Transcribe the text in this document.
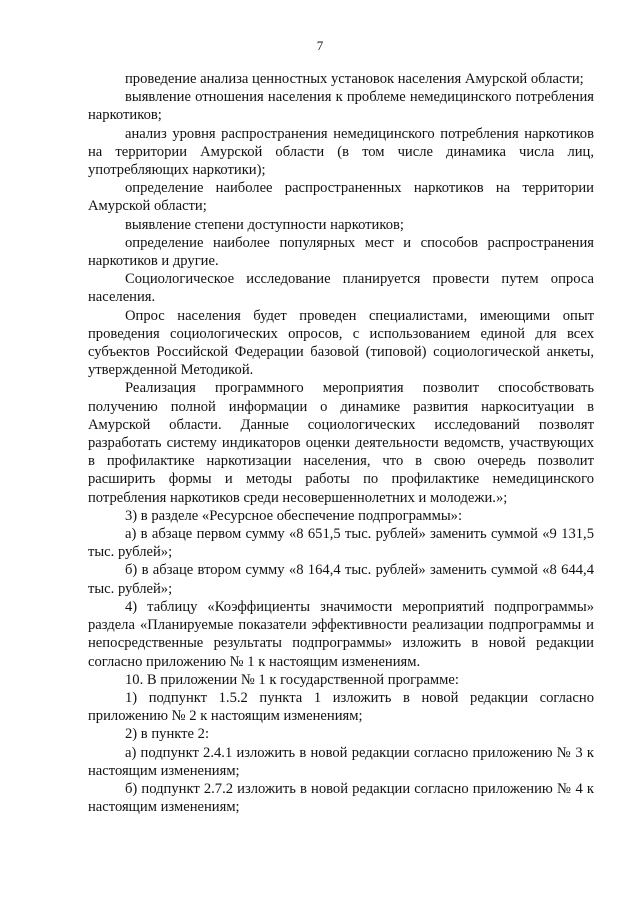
7

проведение анализа ценностных установок населения Амурской области;

выявление отношения населения к проблеме немедицинского потребления наркотиков;

анализ уровня распространения немедицинского потребления наркотиков на территории Амурской области (в том числе динамика числа лиц, употребляющих наркотики);

определение наиболее распространенных наркотиков на территории Амурской области;

выявление степени доступности наркотиков;

определение наиболее популярных мест и способов распространения наркотиков и другие.

Социологическое исследование планируется провести путем опроса населения.

Опрос населения будет проведен специалистами, имеющими опыт проведения социологических опросов, с использованием единой для всех субъектов Российской Федерации базовой (типовой) социологической анкеты, утвержденной Методикой.

Реализация программного мероприятия позволит способствовать получению полной информации о динамике развития наркоситуации в Амурской области. Данные социологических исследований позволят разработать систему индикаторов оценки деятельности ведомств, участвующих в профилактике наркотизации населения, что в свою очередь позволит расширить формы и методы работы по профилактике немедицинского потребления наркотиков среди несовершеннолетних и молодежи.»;

3) в разделе «Ресурсное обеспечение подпрограммы»:

а) в абзаце первом сумму «8 651,5 тыс. рублей» заменить суммой «9 131,5 тыс. рублей»;

б) в абзаце втором сумму «8 164,4 тыс. рублей» заменить суммой «8 644,4 тыс. рублей»;

4) таблицу «Коэффициенты значимости мероприятий подпрограммы» раздела «Планируемые показатели эффективности реализации подпрограммы и непосредственные результаты подпрограммы» изложить в новой редакции согласно приложению № 1 к настоящим изменениям.

10. В приложении № 1 к государственной программе:

1) подпункт 1.5.2 пункта 1 изложить в новой редакции согласно приложению № 2 к настоящим изменениям;

2) в пункте 2:

а) подпункт 2.4.1 изложить в новой редакции согласно приложению № 3 к настоящим изменениям;

б) подпункт 2.7.2 изложить в новой редакции согласно приложению № 4 к настоящим изменениям;
